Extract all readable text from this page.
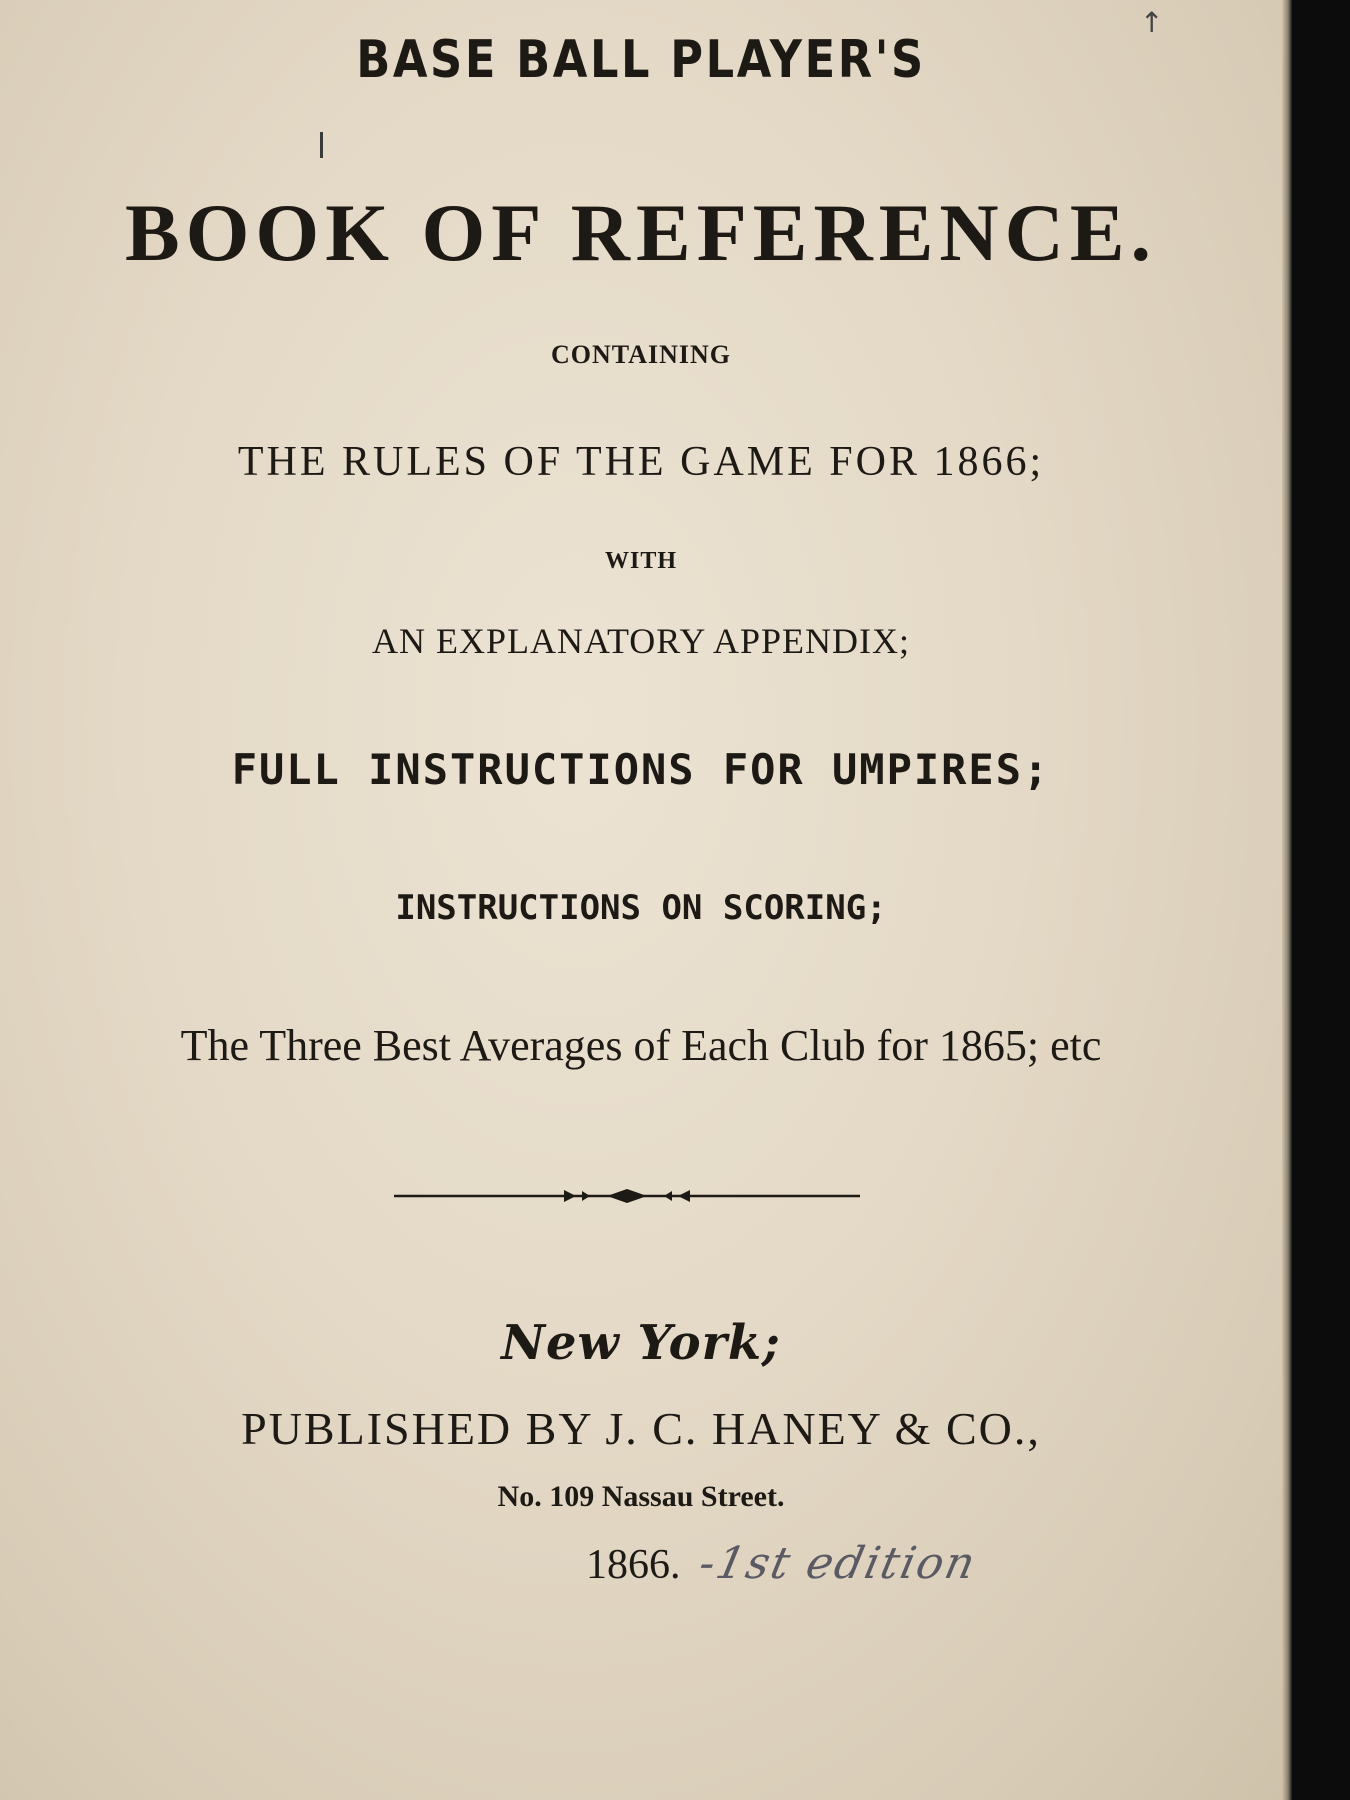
↑
BASE BALL PLAYER'S
BOOK OF REFERENCE.
CONTAINING
THE RULES OF THE GAME FOR 1866;
WITH
AN EXPLANATORY APPENDIX;
FULL INSTRUCTIONS FOR UMPIRES;
INSTRUCTIONS ON SCORING;
The Three Best Averages of Each Club for 1865; etc
New York;
PUBLISHED BY J. C. HANEY & CO.,
No. 109 Nassau Street.
1866. -1st edition
